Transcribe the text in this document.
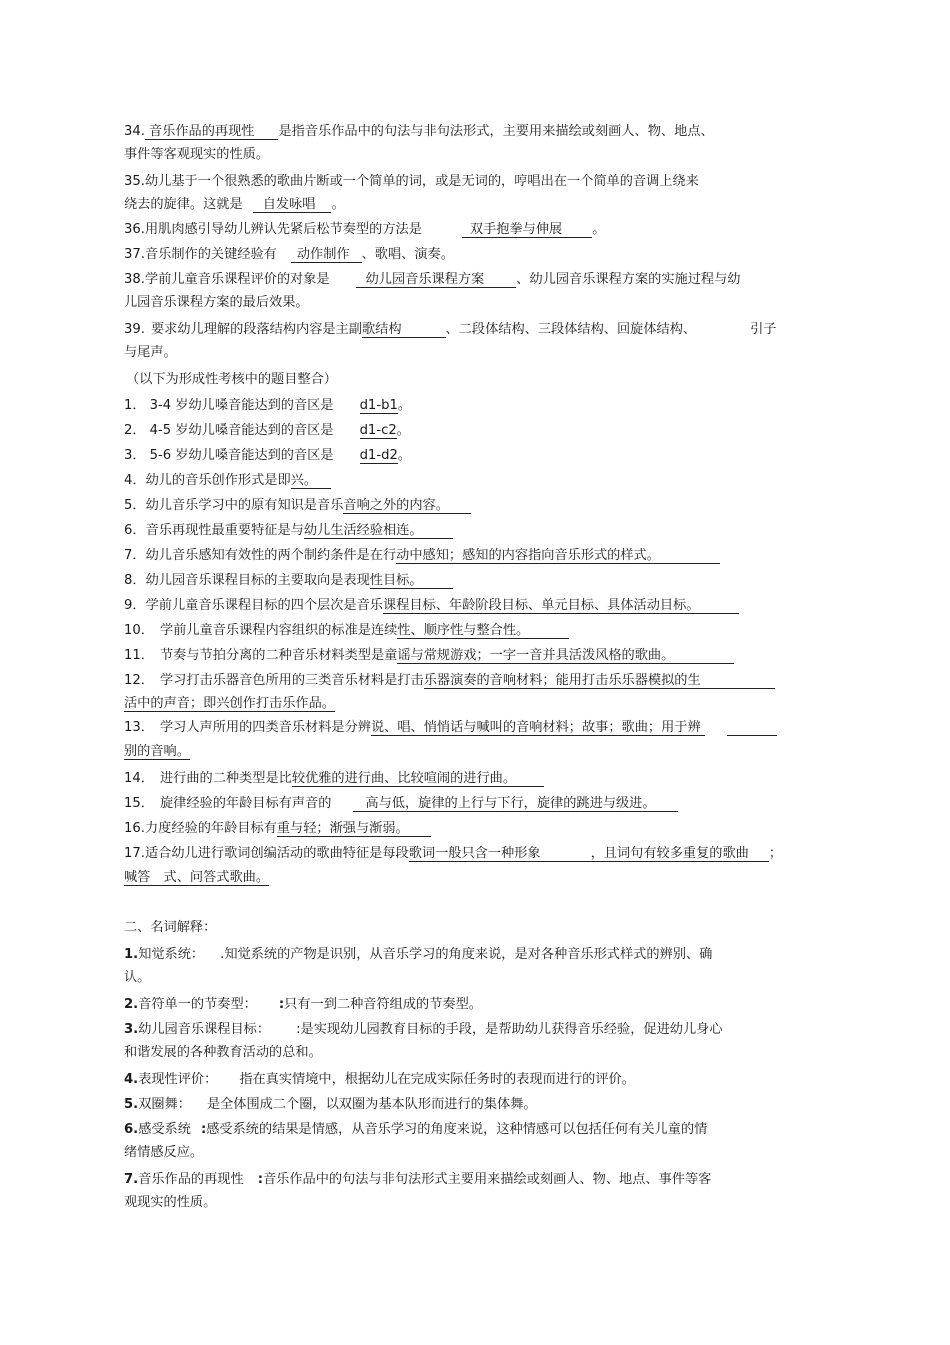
34. 音乐作品的再现性 是指音乐作品中的句法与非句法形式，主要用来描绘或刻画人、物、地点、
事件等客观现实的性质。
35.幼儿基于一个很熟悉的歌曲片断或一个简单的词，或是无词的，哼唱出在一个简单的音调上绕来
绕去的旋律。这就是 自发咏唱 。
36.用肌肉感引导幼儿辨认先紧后松节奏型的方法是	双手抱拳与伸展 。
37.音乐制作的关键经验有 动作制作 、歌唱、演奏。
38.学前儿童音乐课程评价的对象是	幼儿园音乐课程方案 、幼儿园音乐课程方案的实施过程与幼
儿园音乐课程方案的最后效果。
39. 要求幼儿理解的段落结构内容是主副歌结构	、二段体结构、三段体结构、回旋体结构、	引子
与尾声。
（以下为形成性考核中的题目整合）
1． 3-4 岁幼儿嗓音能达到的音区是 d1-b1。
2． 4-5 岁幼儿嗓音能达到的音区是 d1-c2。
3． 5-6 岁幼儿嗓音能达到的音区是 d1-d2。
4．幼儿的音乐创作形式是即兴。
5．幼儿音乐学习中的原有知识是音乐音响之外的内容。
6．音乐再现性最重要特征是与幼儿生活经验相连。
7．幼儿音乐感知有效性的两个制约条件是在行动中感知；感知的内容指向音乐形式的样式。
8．幼儿园音乐课程目标的主要取向是表现性目标。
9．学前儿童音乐课程目标的四个层次是音乐课程目标、年龄阶段目标、单元目标、具体活动目标。
10． 学前儿童音乐课程内容组织的标准是连续性、顺序性与整合性。
11． 节奏与节拍分离的二种音乐材料类型是童谣与常规游戏；一字一音并具活泼风格的歌曲。
12． 学习打击乐器音色所用的三类音乐材料是打击乐器演奏的音响材料；能用打击乐乐器模拟的生
活中的声音；即兴创作打击乐作品。
13． 学习人声所用的四类音乐材料是分辨说、唱、悄悄话与喊叫的音响材料；故事；歌曲；用于辨
别的音响。
14． 进行曲的二种类型是比较优雅的进行曲、比较喧闹的进行曲。
15． 旋律经验的年龄目标有声音的	高与低，旋律的上行与下行，旋律的跳进与级进。
16.力度经验的年龄目标有重与轻；渐强与渐弱。
17.适合幼儿进行歌词创编活动的歌曲特征是每段歌词一般只含一种形象	，且词句有较多重复的歌曲 ；
喊答　式、问答式歌曲。
二、名词解释：
1.知觉系统： .知觉系统的产物是识别，从音乐学习的角度来说，是对各种音乐形式样式的辨别、确
认。
2.音符单一的节奏型： :只有一到二种音符组成的节奏型。
3.幼儿园音乐课程目标： :是实现幼儿园教育目标的手段，是帮助幼儿获得音乐经验，促进幼儿身心
和谐发展的各种教育活动的总和。
4.表现性评价： 指在真实情境中，根据幼儿在完成实际任务时的表现而进行的评价。
5.双圈舞： 是全体围成二个圈，以双圈为基本队形而进行的集体舞。
6.感受系统 :感受系统的结果是情感，从音乐学习的角度来说，这种情感可以包括任何有关儿童的情
绪情感反应。
7.音乐作品的再现性 :音乐作品中的句法与非句法形式主要用来描绘或刻画人、物、地点、事件等客
观现实的性质。
